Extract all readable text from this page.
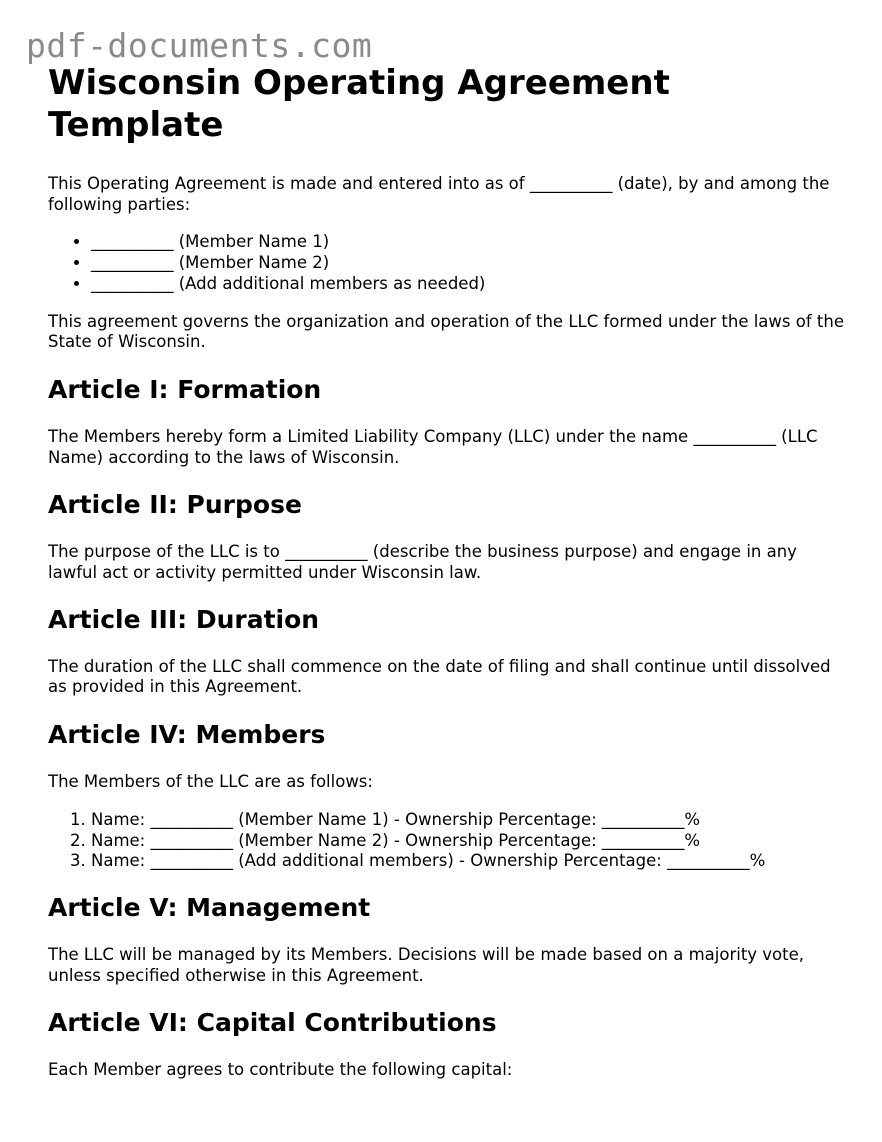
pdf-documents.com
Wisconsin Operating Agreement Template

This Operating Agreement is made and entered into as of __________ (date), by and among the following parties:

• __________ (Member Name 1)
• __________ (Member Name 2)
• __________ (Add additional members as needed)

This agreement governs the organization and operation of the LLC formed under the laws of the State of Wisconsin.

Article I: Formation

The Members hereby form a Limited Liability Company (LLC) under the name __________ (LLC Name) according to the laws of Wisconsin.

Article II: Purpose

The purpose of the LLC is to __________ (describe the business purpose) and engage in any lawful act or activity permitted under Wisconsin law.

Article III: Duration

The duration of the LLC shall commence on the date of filing and shall continue until dissolved as provided in this Agreement.

Article IV: Members

The Members of the LLC are as follows:

1. Name: __________ (Member Name 1) - Ownership Percentage: __________%
2. Name: __________ (Member Name 2) - Ownership Percentage: __________%
3. Name: __________ (Add additional members) - Ownership Percentage: __________%
Article V: Management

The LLC will be managed by its Members. Decisions will be made based on a majority vote, unless specified otherwise in this Agreement.

Article VI: Capital Contributions

Each Member agrees to contribute the following capital:
